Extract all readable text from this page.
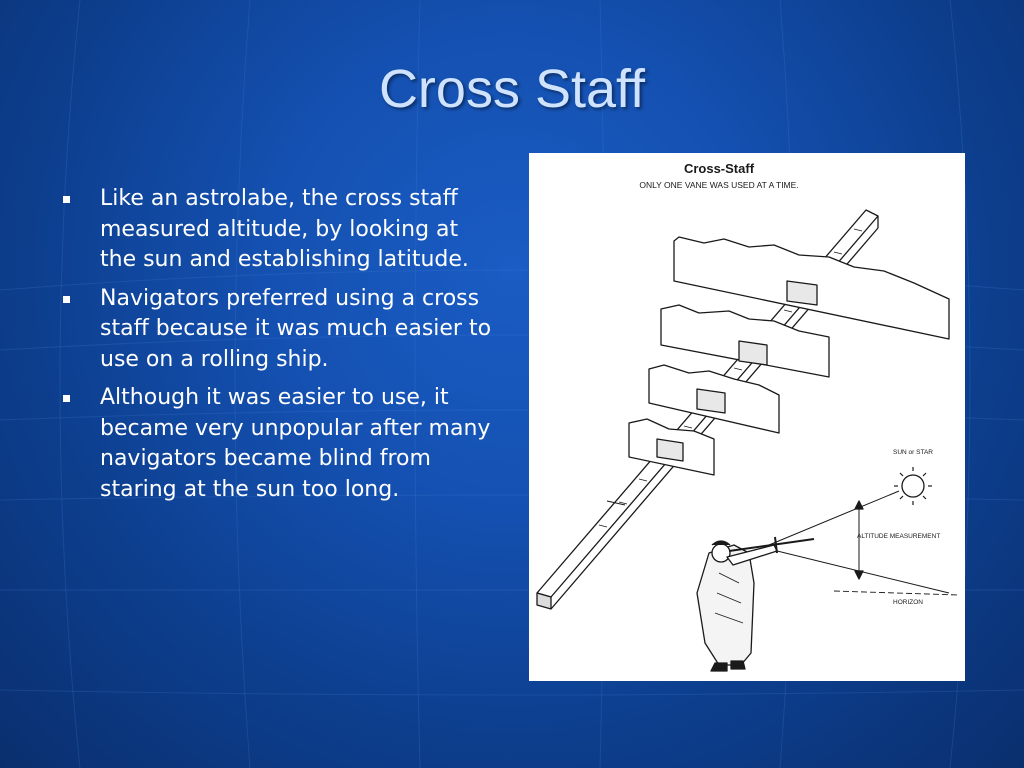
Cross Staff
Like an astrolabe, the cross staff measured altitude, by looking at the sun and establishing latitude.
Navigators preferred using a cross staff because it was much easier to use on a rolling ship.
Although it was easier to use, it became very unpopular after many navigators became blind from staring at the sun too long.
Cross-Staff
ONLY ONE VANE WAS USED AT A TIME.
SUN or STAR
ALTITUDE MEASUREMENT
HORIZON
